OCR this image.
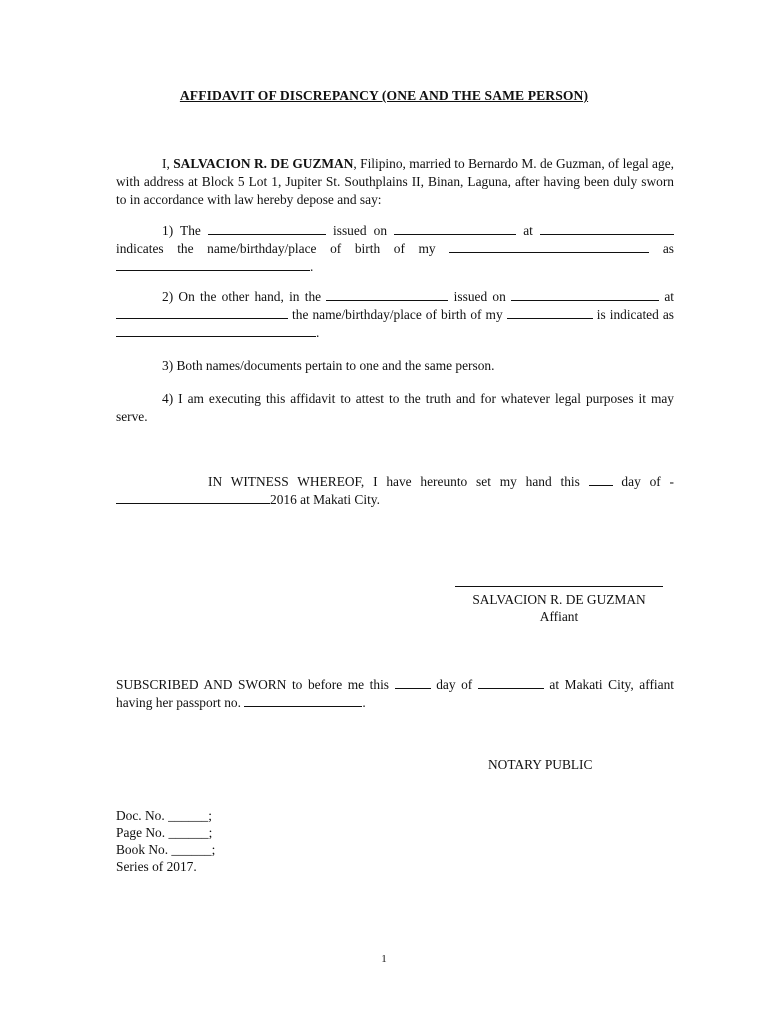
AFFIDAVIT OF DISCREPANCY (ONE AND THE SAME PERSON)
I, SALVACION R. DE GUZMAN, Filipino, married to Bernardo M. de Guzman, of legal age, with address at Block 5 Lot 1, Jupiter St. Southplains II, Binan, Laguna, after having been duly sworn to in accordance with law hereby depose and say:
1) The	issued on	at  indicates the name/birthday/place of birth of my	as .
2) On the other hand, in the	issued on	at  the name/birthday/place of birth of my	is indicated as .
3) Both names/documents pertain to one and the same person.
4) I am executing this affidavit to attest to the truth and for whatever legal purposes it may serve.
IN WITNESS WHEREOF, I have hereunto set my hand this  day of -2016 at Makati City.
SALVACION R. DE GUZMAN
Affiant
SUBSCRIBED AND SWORN to before me this	day of	at Makati City, affiant having her passport no.	.
NOTARY PUBLIC
Doc. No. ______;
Page No. ______;
Book No. ______;
Series of 2017.
1
